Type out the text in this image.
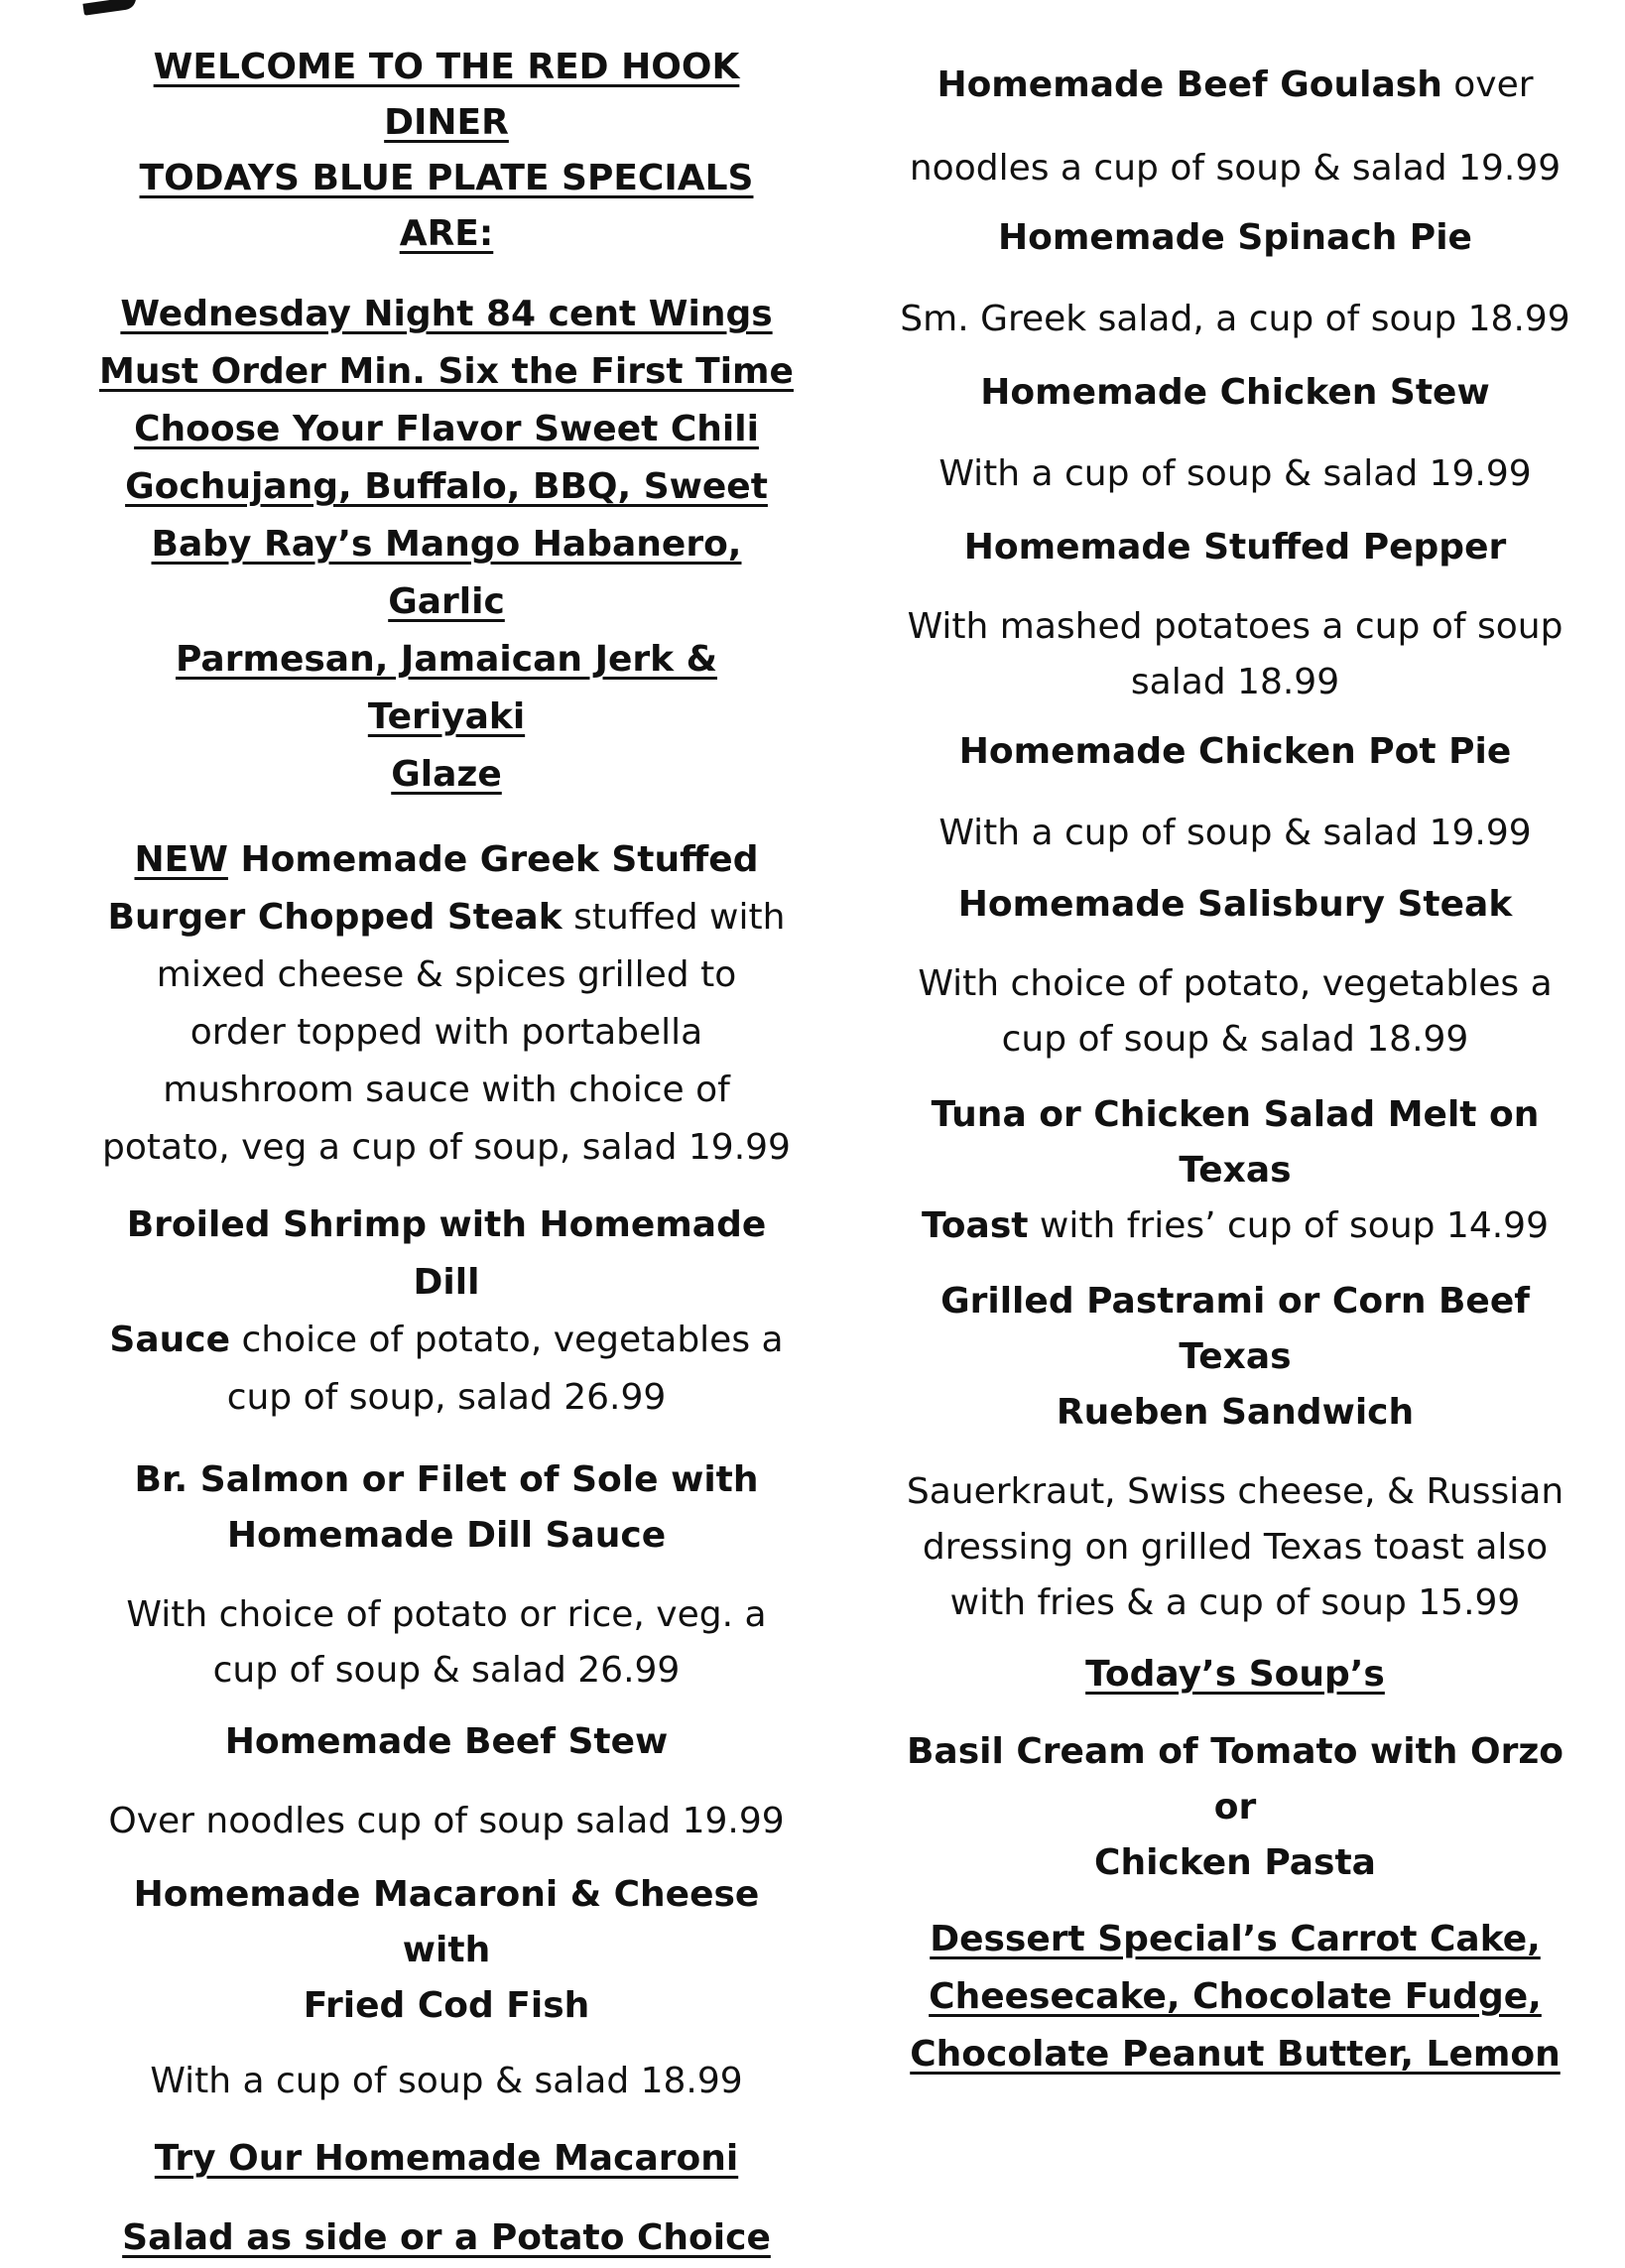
WELCOME TO THE RED HOOK DINER

TODAYS BLUE PLATE SPECIALS ARE:

Wednesday Night 84 cent Wings

Must Order Min. Six the First Time

Choose Your Flavor Sweet Chili

Gochujang, Buffalo, BBQ, Sweet

Baby Ray’s Mango Habanero, Garlic

Parmesan, Jamaican Jerk & Teriyaki

Glaze

NEW Homemade Greek Stuffed

Burger Chopped Steak stuffed with

mixed cheese & spices grilled to

order topped with portabella

mushroom sauce with choice of

potato, veg a cup of soup, salad 19.99

Broiled Shrimp with Homemade Dill

Sauce choice of potato, vegetables a

cup of soup, salad 26.99

Br. Salmon or Filet of Sole with

Homemade Dill Sauce

With choice of potato or rice, veg. a

cup of soup & salad 26.99

Homemade Beef Stew

Over noodles cup of soup salad 19.99

Homemade Macaroni & Cheese with

Fried Cod Fish

With a cup of soup & salad 18.99

Try Our Homemade Macaroni

Salad as side or a Potato Choice

Homemade Beef Goulash over

noodles a cup of soup & salad 19.99

Homemade Spinach Pie

Sm. Greek salad, a cup of soup 18.99

Homemade Chicken Stew

With a cup of soup & salad 19.99

Homemade Stuffed Pepper

With mashed potatoes a cup of soup

salad 18.99

Homemade Chicken Pot Pie

With a cup of soup & salad 19.99

Homemade Salisbury Steak

With choice of potato, vegetables a

cup of soup & salad 18.99

Tuna or Chicken Salad Melt on Texas

Toast with fries’ cup of soup 14.99

Grilled Pastrami or Corn Beef Texas

Rueben Sandwich

Sauerkraut, Swiss cheese, & Russian

dressing on grilled Texas toast also

with fries & a cup of soup 15.99

Today’s Soup’s

Basil Cream of Tomato with Orzo or

Chicken Pasta

Dessert Special’s Carrot Cake,

Cheesecake, Chocolate Fudge,

Chocolate Peanut Butter, Lemon
